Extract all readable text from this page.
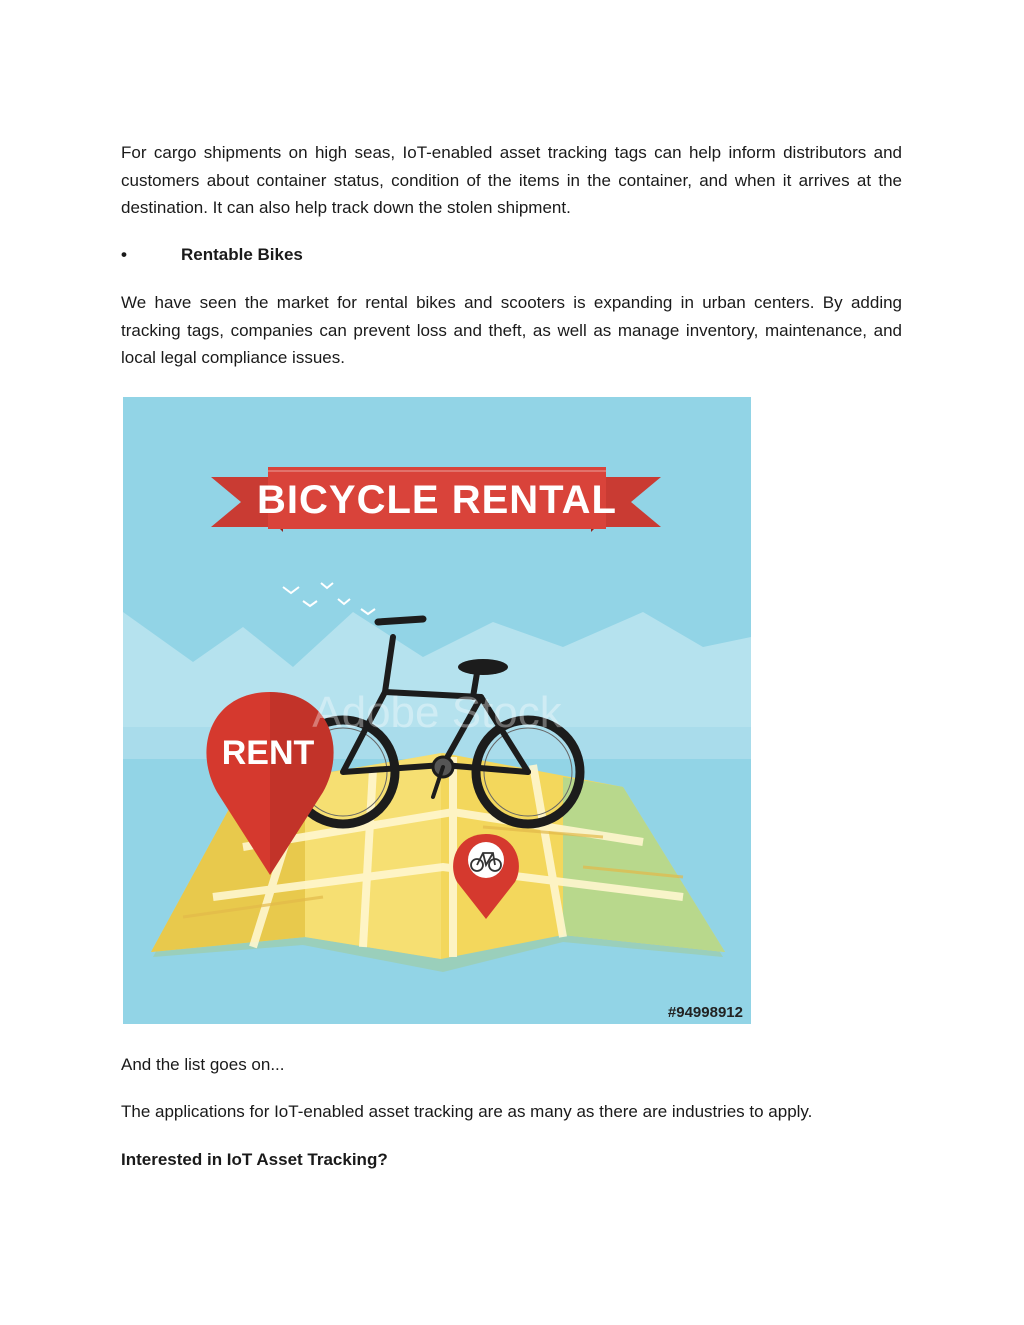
For cargo shipments on high seas, IoT-enabled asset tracking tags can help inform distributors and customers about container status, condition of the items in the container, and when it arrives at the destination. It can also help track down the stolen shipment.

•	Rentable Bikes

We have seen the market for rental bikes and scooters is expanding in urban centers. By adding tracking tags, companies can prevent loss and theft, as well as manage inventory, maintenance, and local legal compliance issues.

BICYCLE RENTAL
RENT
Adobe Stock
#94998912

And the list goes on...

The applications for IoT-enabled asset tracking are as many as there are industries to apply.

Interested in IoT Asset Tracking?
